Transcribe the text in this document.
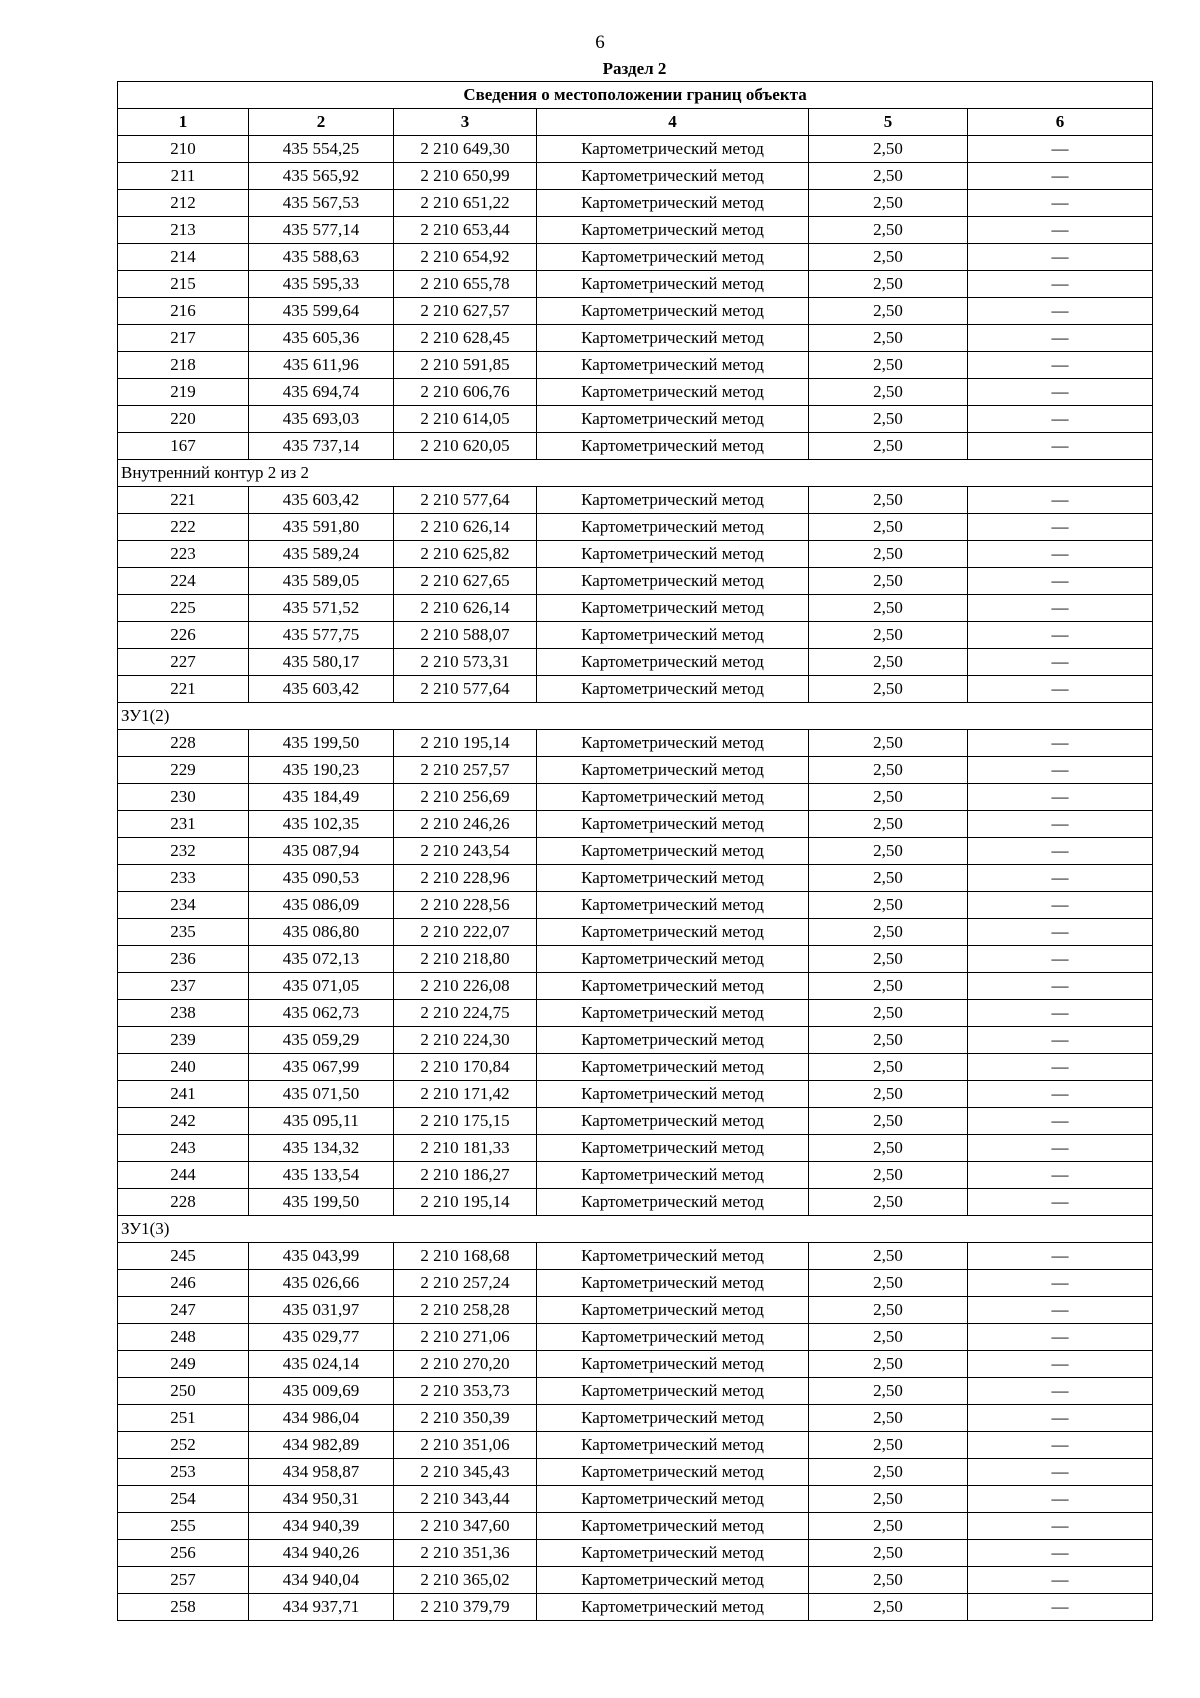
6
Раздел 2
Сведения о местоположении границ объекта					
1	2	3	4	5	6
210	435 554,25	2 210 649,30	Картометрический метод	2,50	—
211	435 565,92	2 210 650,99	Картометрический метод	2,50	—
212	435 567,53	2 210 651,22	Картометрический метод	2,50	—
213	435 577,14	2 210 653,44	Картометрический метод	2,50	—
214	435 588,63	2 210 654,92	Картометрический метод	2,50	—
215	435 595,33	2 210 655,78	Картометрический метод	2,50	—
216	435 599,64	2 210 627,57	Картометрический метод	2,50	—
217	435 605,36	2 210 628,45	Картометрический метод	2,50	—
218	435 611,96	2 210 591,85	Картометрический метод	2,50	—
219	435 694,74	2 210 606,76	Картометрический метод	2,50	—
220	435 693,03	2 210 614,05	Картометрический метод	2,50	—
167	435 737,14	2 210 620,05	Картометрический метод	2,50	—
Внутренний контур 2 из 2					
221	435 603,42	2 210 577,64	Картометрический метод	2,50	—
222	435 591,80	2 210 626,14	Картометрический метод	2,50	—
223	435 589,24	2 210 625,82	Картометрический метод	2,50	—
224	435 589,05	2 210 627,65	Картометрический метод	2,50	—
225	435 571,52	2 210 626,14	Картометрический метод	2,50	—
226	435 577,75	2 210 588,07	Картометрический метод	2,50	—
227	435 580,17	2 210 573,31	Картометрический метод	2,50	—
221	435 603,42	2 210 577,64	Картометрический метод	2,50	—
ЗУ1(2)					
228	435 199,50	2 210 195,14	Картометрический метод	2,50	—
229	435 190,23	2 210 257,57	Картометрический метод	2,50	—
230	435 184,49	2 210 256,69	Картометрический метод	2,50	—
231	435 102,35	2 210 246,26	Картометрический метод	2,50	—
232	435 087,94	2 210 243,54	Картометрический метод	2,50	—
233	435 090,53	2 210 228,96	Картометрический метод	2,50	—
234	435 086,09	2 210 228,56	Картометрический метод	2,50	—
235	435 086,80	2 210 222,07	Картометрический метод	2,50	—
236	435 072,13	2 210 218,80	Картометрический метод	2,50	—
237	435 071,05	2 210 226,08	Картометрический метод	2,50	—
238	435 062,73	2 210 224,75	Картометрический метод	2,50	—
239	435 059,29	2 210 224,30	Картометрический метод	2,50	—
240	435 067,99	2 210 170,84	Картометрический метод	2,50	—
241	435 071,50	2 210 171,42	Картометрический метод	2,50	—
242	435 095,11	2 210 175,15	Картометрический метод	2,50	—
243	435 134,32	2 210 181,33	Картометрический метод	2,50	—
244	435 133,54	2 210 186,27	Картометрический метод	2,50	—
228	435 199,50	2 210 195,14	Картометрический метод	2,50	—
ЗУ1(3)					
245	435 043,99	2 210 168,68	Картометрический метод	2,50	—
246	435 026,66	2 210 257,24	Картометрический метод	2,50	—
247	435 031,97	2 210 258,28	Картометрический метод	2,50	—
248	435 029,77	2 210 271,06	Картометрический метод	2,50	—
249	435 024,14	2 210 270,20	Картометрический метод	2,50	—
250	435 009,69	2 210 353,73	Картометрический метод	2,50	—
251	434 986,04	2 210 350,39	Картометрический метод	2,50	—
252	434 982,89	2 210 351,06	Картометрический метод	2,50	—
253	434 958,87	2 210 345,43	Картометрический метод	2,50	—
254	434 950,31	2 210 343,44	Картометрический метод	2,50	—
255	434 940,39	2 210 347,60	Картометрический метод	2,50	—
256	434 940,26	2 210 351,36	Картометрический метод	2,50	—
257	434 940,04	2 210 365,02	Картометрический метод	2,50	—
258	434 937,71	2 210 379,79	Картометрический метод	2,50	—
